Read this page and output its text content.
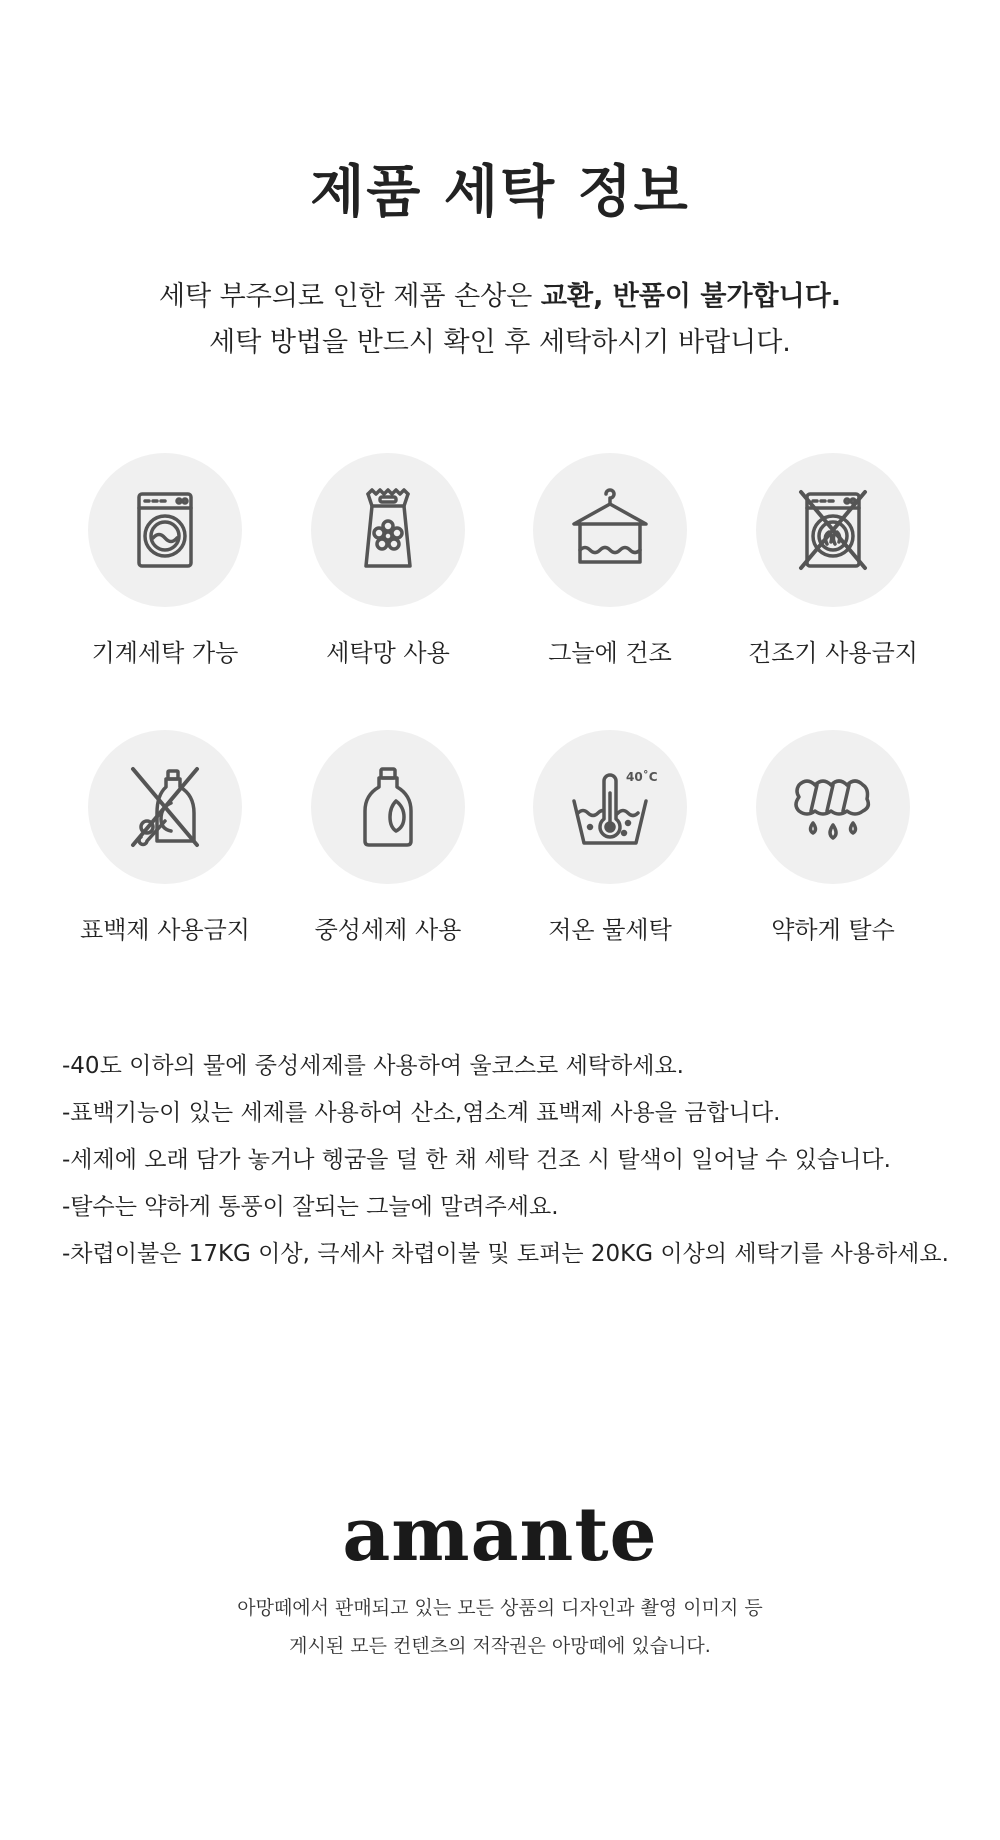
제품 세탁 정보
세탁 부주의로 인한 제품 손상은 교환, 반품이 불가합니다.
세탁 방법을 반드시 확인 후 세탁하시기 바랍니다.
기계세탁 가능	세탁망 사용	그늘에 건조	건조기 사용금지
표백제 사용금지	중성세제 사용
40˚C
저온 물세탁	약하게 탈수
-40도 이하의 물에 중성세제를 사용하여 울코스로 세탁하세요.
-표백기능이 있는 세제를 사용하여 산소,염소계 표백제 사용을 금합니다.
-세제에 오래 담가 놓거나 헹굼을 덜 한 채 세탁 건조 시 탈색이 일어날 수 있습니다.
-탈수는 약하게 통풍이 잘되는 그늘에 말려주세요.
-차렵이불은 17KG 이상, 극세사 차렵이불 및 토퍼는 20KG 이상의 세탁기를 사용하세요.
amante
아망떼에서 판매되고 있는 모든 상품의 디자인과 촬영 이미지 등
게시된 모든 컨텐츠의 저작권은 아망떼에 있습니다.
